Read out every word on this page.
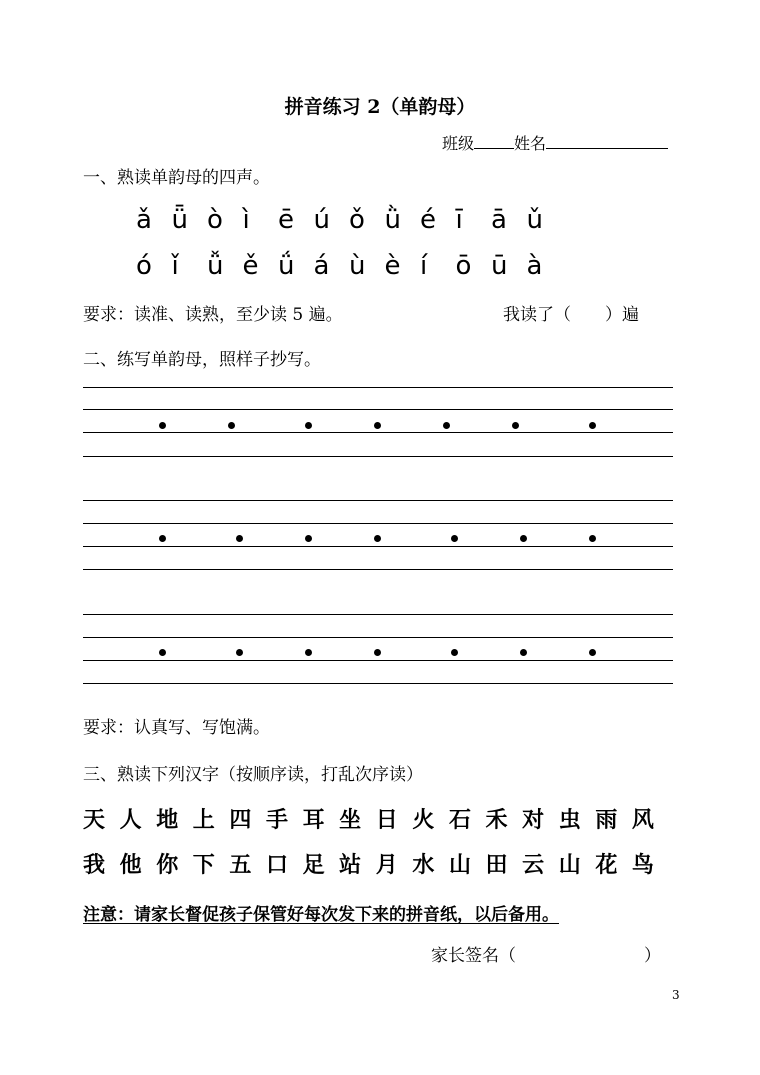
拼音练习 2（单韵母）
班级	姓名
一、熟读单韵母的四声。
ǎ ǖ ò ì ē ú ǒ ǜ é ī ā ǔ
ó ǐ ǚ ě ǘ á ù è í ō ū à
要求：读准、读熟，至少读 5 遍。	我读了（　　）遍
二、练写单韵母，照样子抄写。
要求：认真写、写饱满。
三、熟读下列汉字（按顺序读，打乱次序读）
天 人 地 上 四 手 耳 坐 日 火 石 禾 对 虫 雨 风
我 他 你 下 五 口 足 站 月 水 山 田 云 山 花 鸟
注意：请家长督促孩子保管好每次发下来的拼音纸，以后备用。
家长签名（	）
3
